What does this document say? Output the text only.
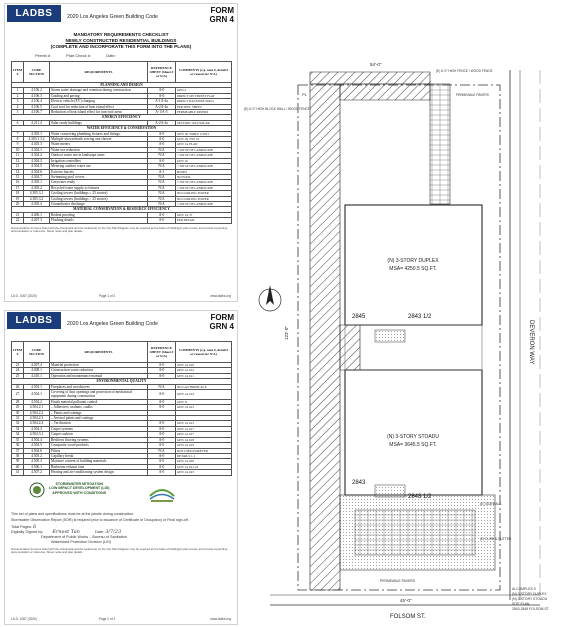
LADBS	2020 Los Angeles Green Building Code
FORM
GRN 4
MANDATORY REQUIREMENTS CHECKLIST
NEWLY CONSTRUCTED RESIDENTIAL BUILDINGS
(COMPLETE AND INCORPORATE THIS FORM INTO THE PLANS)
Permit #:	Plan Check #:	Date:
ITEM #	CODE SECTION	REQUIREMENTS	REFERENCE SHEET (Sheet # or N/A)	COMMENTS (e.g. note #, detail # or reason for N/A)
PLANNING AND DESIGN				
1	4.106.2	Storm water drainage and retention during construction	A-0	GEN 2
2	4.106.3	Grading and paving	A-0	DIRECT ON STREET FLAT
3	4.106.4	Electric vehicle (EV) charging	A-1A-4a	DIRECT RACEWAY/WALL
4	4.106.5	Cool roof for reduction of heat island effect	A-2A-4a	PER SPEC SHEET
5	4.106.7	Reduction of heat island effect for non-roof areas	A-1/A-5	PERMEABLE PAVERS
ENERGY EFFICIENCY				
6	4.211.4	Solar ready buildings	A-2A-4a	SECTION 104.6 SOLAR
WATER EFFICIENCY & CONSERVATION				
7	4.303.1	Water conserving plumbing fixtures and fittings	A-0	GEN 18, TABLE 4.303.1
8	4.303.1.3.2	Multiple showerheads serving one shower	A-0	GEN 18, TYP 19
9	4.303.3	Water meters	A-0	GEN 14, PLAN
10	4.304.1	Water use reduction	N/A	< 500 SF OF LANDSCAPE
11	4.304.2	Outdoor water use in landscape areas	N/A	< 500 SF OF LANDSCAPE
12	4.304.3	Irrigation controllers	A-0	GEN 16
13	4.304.5	Metering outdoor water use	N/A	< 500 SF OF LANDSCAPE
14	4.304.6	Exterior faucets	A-1	HOSES
15	4.304.7	Swimming pool covers	N/A	NO POOL
16	4.305.1	Greywater ready	N/A	< 500 SF OF LANDSCAPE
17	4.305.2	Recycled water supply to fixtures	N/A	< 500 SF OF LANDSCAPE
18	4.305.3.1	Cooling towers (buildings ≤ 25 stories)	N/A	NO COOLING TOWER
19	4.305.3.2	Cooling towers (buildings > 25 stories)	N/A	NO COOLING TOWER
20	4.305.4	Groundwater discharge	N/A	< 500 SF OF LANDSCAPE
MATERIAL CONSERVATION & RESOURCE EFFICIENCY				
21	4.406.1	Rodent proofing	A-0	GEN 14, 37
22	4.407.3	Flashing details	A-0	PER DETAIL
Documentation for items listed with the checkmark and the location(s) on the City Plan Diagram may be required as the basis of building(s) plan review, and provide supporting documentation or reference. Sheet notes and plan details.
LA D. 1067 (2020)	Page 1 of 2	www.ladbs.org
LADBS	2020 Los Angeles Green Building Code
FORM
GRN 4
ITEM #	CODE SECTION	REQUIREMENTS	REFERENCE SHEET (Sheet # or N/A)	COMMENTS (e.g. note #, detail # or reason for N/A)
23	4.407.4	Material protection	A-0	GEN 14, #16
24	4.408.1	Construction waste reduction	A-0	GEN 14, #12
25	4.410.1	Operation and maintenance manual	A-0	GEN 14, #11
ENVIRONMENTAL QUALITY				
26	4.503.1	Fireplaces and woodstoves	N/A	NO GAS FIREPLACE
27	4.504.1	Covering of duct openings and protection of mechanical equipment during construction	A-0	GEN 14, #14
28	4.504.2	Finish material pollutant control	A-0	GEN 11
29	4.504.2.1	– Adhesives, sealants, caulks	A-0	GEN 14, #15
30	4.504.2.2	– Paints and coatings		
31	4.504.2.3	– Aerosol paints and coatings		
32	4.504.2.4	– Verification	A-0	GEN 14, #15
33	4.504.3	Carpet systems	A-0	GEN 14, #17
34	4.504.3.1	Carpet cushion	A-0	GEN 14, #17
35	4.504.4	Resilient flooring systems	A-0	GEN 14, #18
36	4.504.5	Composite wood products	A-0	GEN 14, #19
37	4.504.6	Filters	N/A	NOT USED FOREVER
38	4.505.2	Capillary break	A-0	DETAILS 1-1
39	4.505.3	Moisture content of building materials	A-0	GEN 14, #20
40	4.506.1	Bathroom exhaust fans	A-0	GEN 14, #21-22
41	4.507.2	Heating and air-conditioning system design	A-0	GEN 14, #23
STORMWATER MITIGATION
LOW IMPACT DEVELOPMENT (LID)
APPROVED WITH CONDITIONS
This set of plans and specifications must be at the jobsite during construction.
Stormwater Observation Report (SOR) is required prior to issuance of Certificate of Occupancy or Final sign-off.
Total Pages: 6
Digitally Signed by: Ernest Tan	Date: 3/7/23
Department of Public Works – Bureau of Sanitation
Watershed Protection Division (LID)
Documentation for items listed with the checkmark and the location(s) on the City Plan Diagram may be required as the basis of building(s) plan review, and provide supporting documentation or reference. Sheet notes and plan details.
LA D. 1067 (2020)	Page 2 of 2	www.ladbs.org
DEVERON WAY
FOLSOM ST.
(N) 3-STORY DUPLEX
MSA= 4250.5 SQ.FT.
(N) 3-STORY STOADU
MSA= 3645.5 SQ.FT.
2845	2843 1/2
2843
2843 1/2
(E) 6'-0" HIGH FENCE / WOOD FENCE
(E) 6'-0" HIGH BLOCK WALL / WOOD FENCE
PERMEABLE PAVERS
(E) SIDEWALK
(E) CURB & GUTTER
PERMEABLE PAVERS
PL
54'-0"
45'-0"
123'-0"
ALCOMPLEX II
(N) 3-STORY DUPLEX
(N) 3-STORY STOADU
SITE PLAN
2843-2845 FOLSOM ST.
